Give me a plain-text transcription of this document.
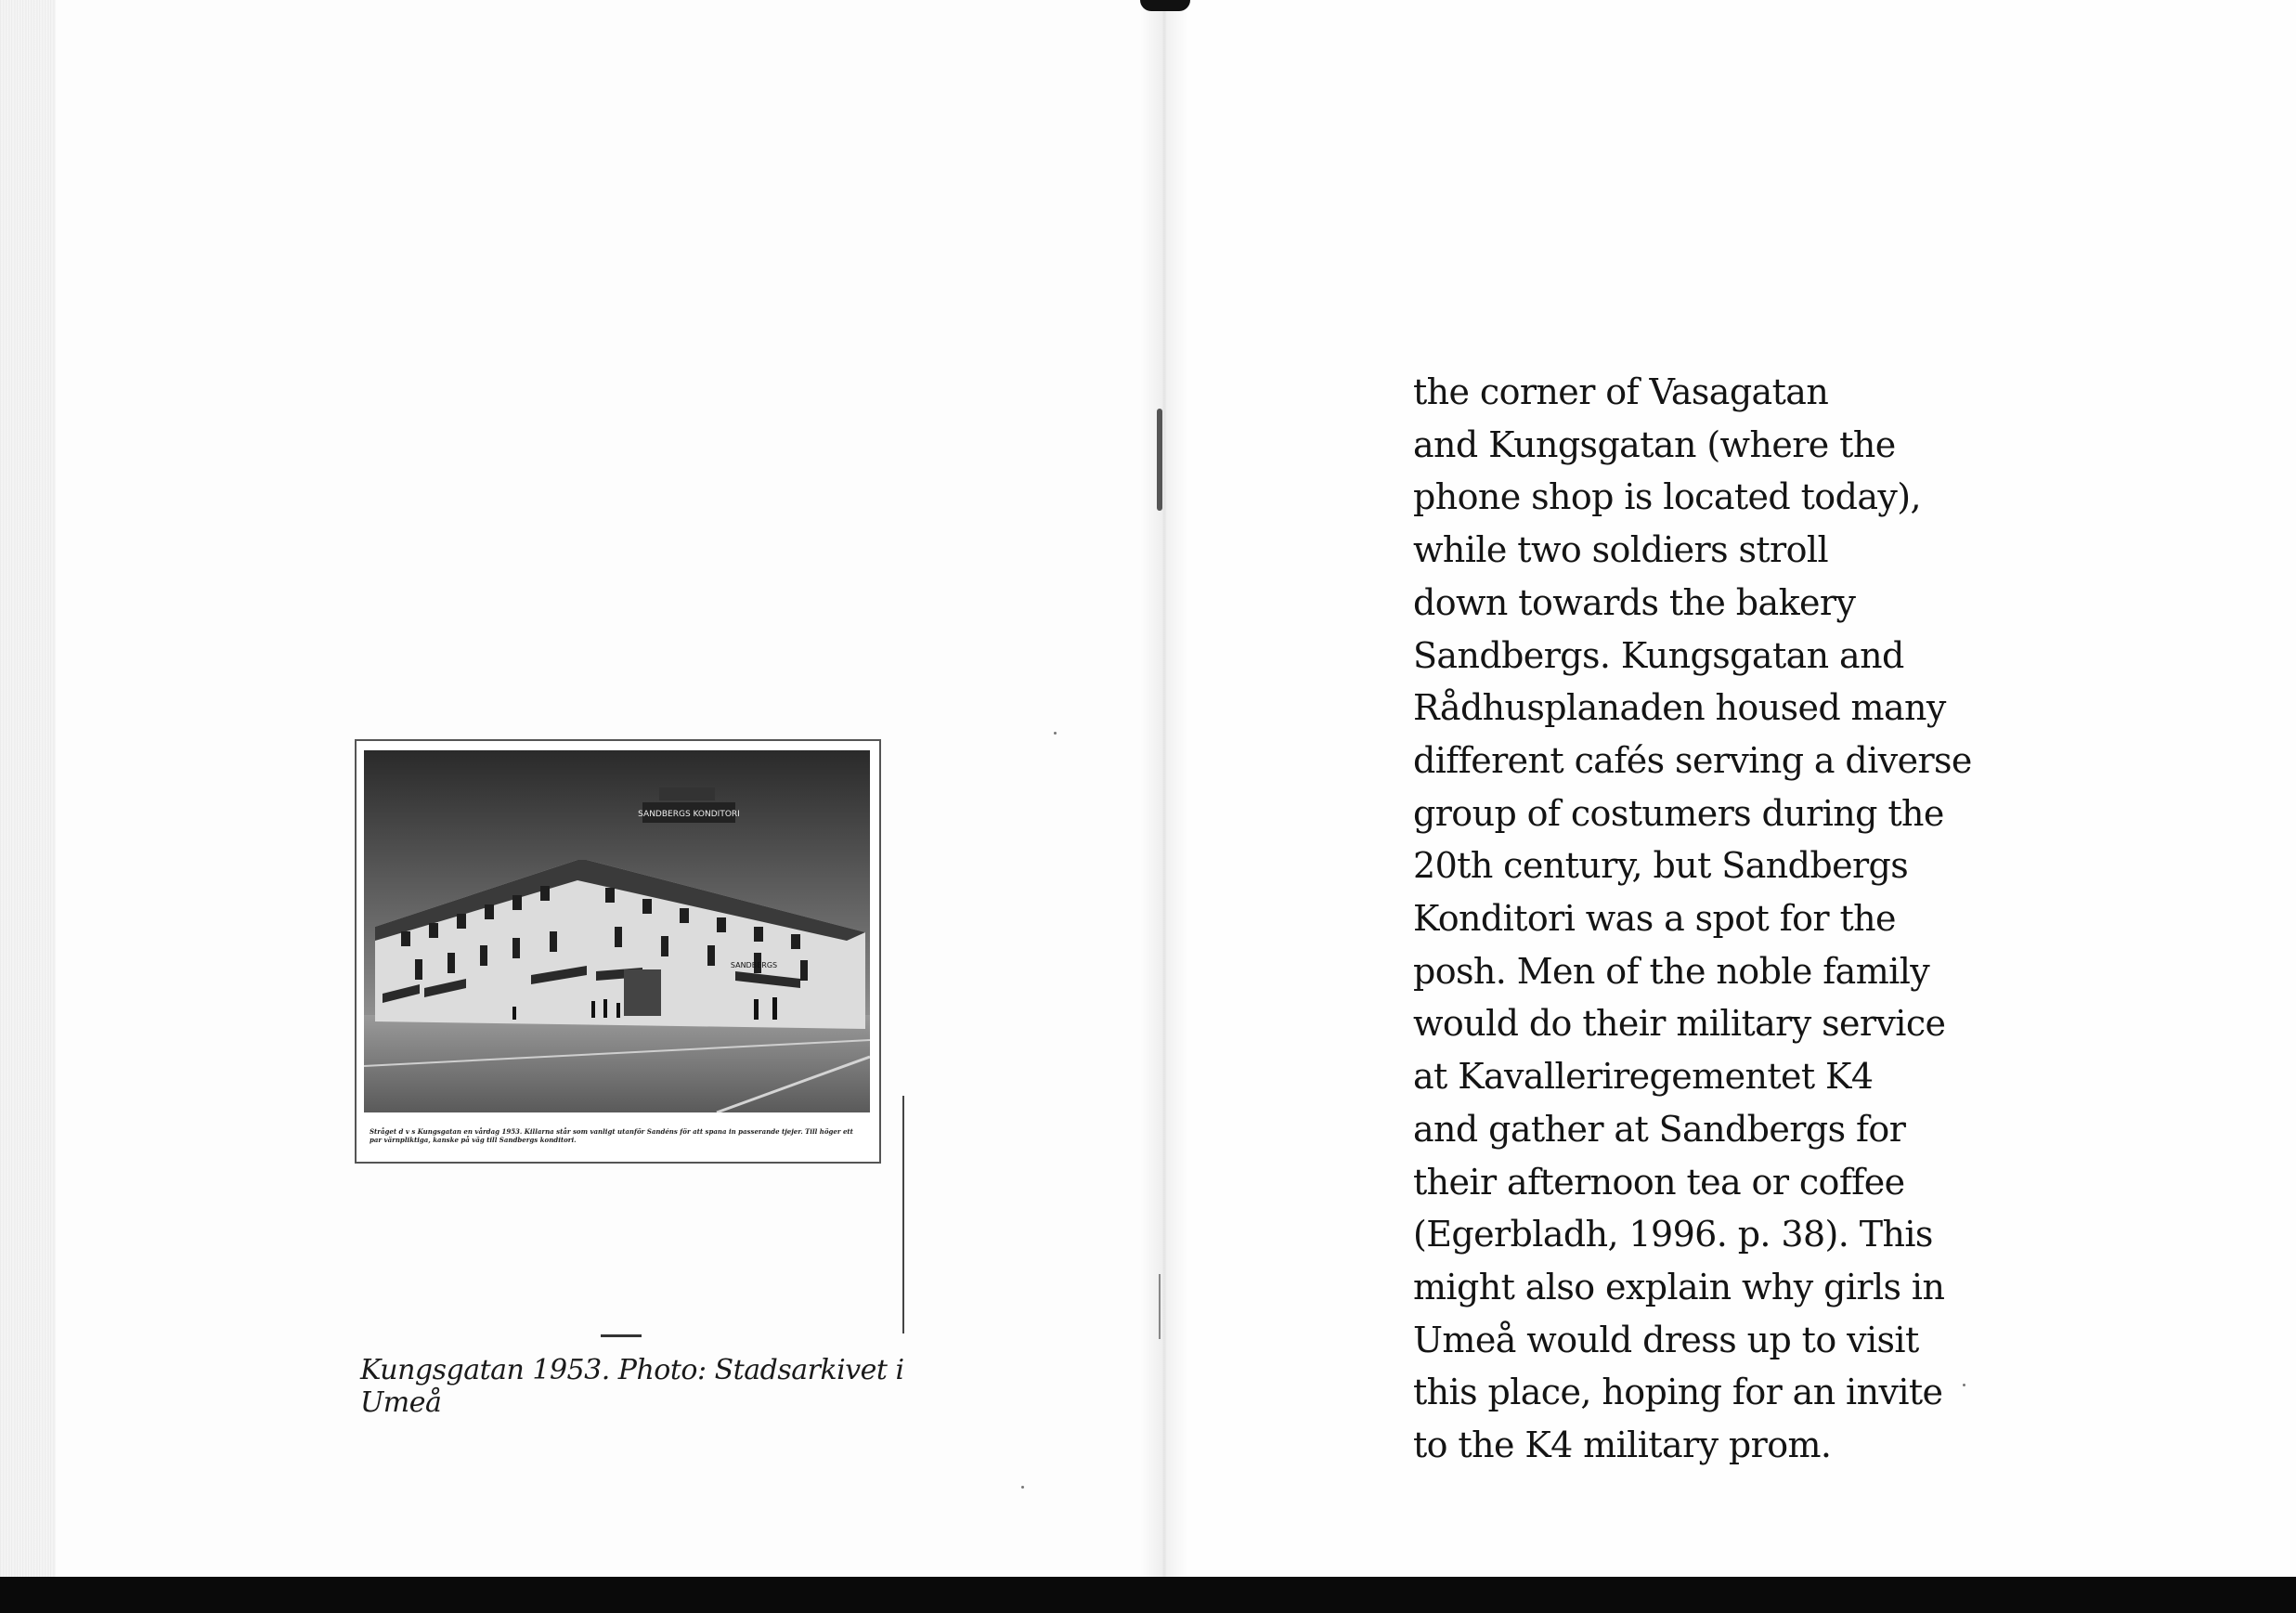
SANDBERGS KONDITORI
SANDBERGS
Stråget d v s Kungsgatan en vårdag 1953. Killarna står som vanligt utanför Sandéns för att spana in passerande tjejer. Till höger ett par värnpliktiga, kanske på väg till Sandbergs konditori.
Kungsgatan 1953. Photo: Stadsarkivet i Umeå
the corner of Vasagatan
and Kungsgatan (where the
phone shop is located today),
while two soldiers stroll
down towards the bakery
Sandbergs. Kungsgatan and
Rådhusplanaden housed many
different cafés serving a diverse
group of costumers during the
20th century, but Sandbergs
Konditori was a spot for the
posh. Men of the noble family
would do their military service
at Kavalleriregementet K4
and gather at Sandbergs for
their afternoon tea or coffee
(Egerbladh, 1996. p. 38). This
might also explain why girls in
Umeå would dress up to visit
this place, hoping for an invite
to the K4 military prom.
